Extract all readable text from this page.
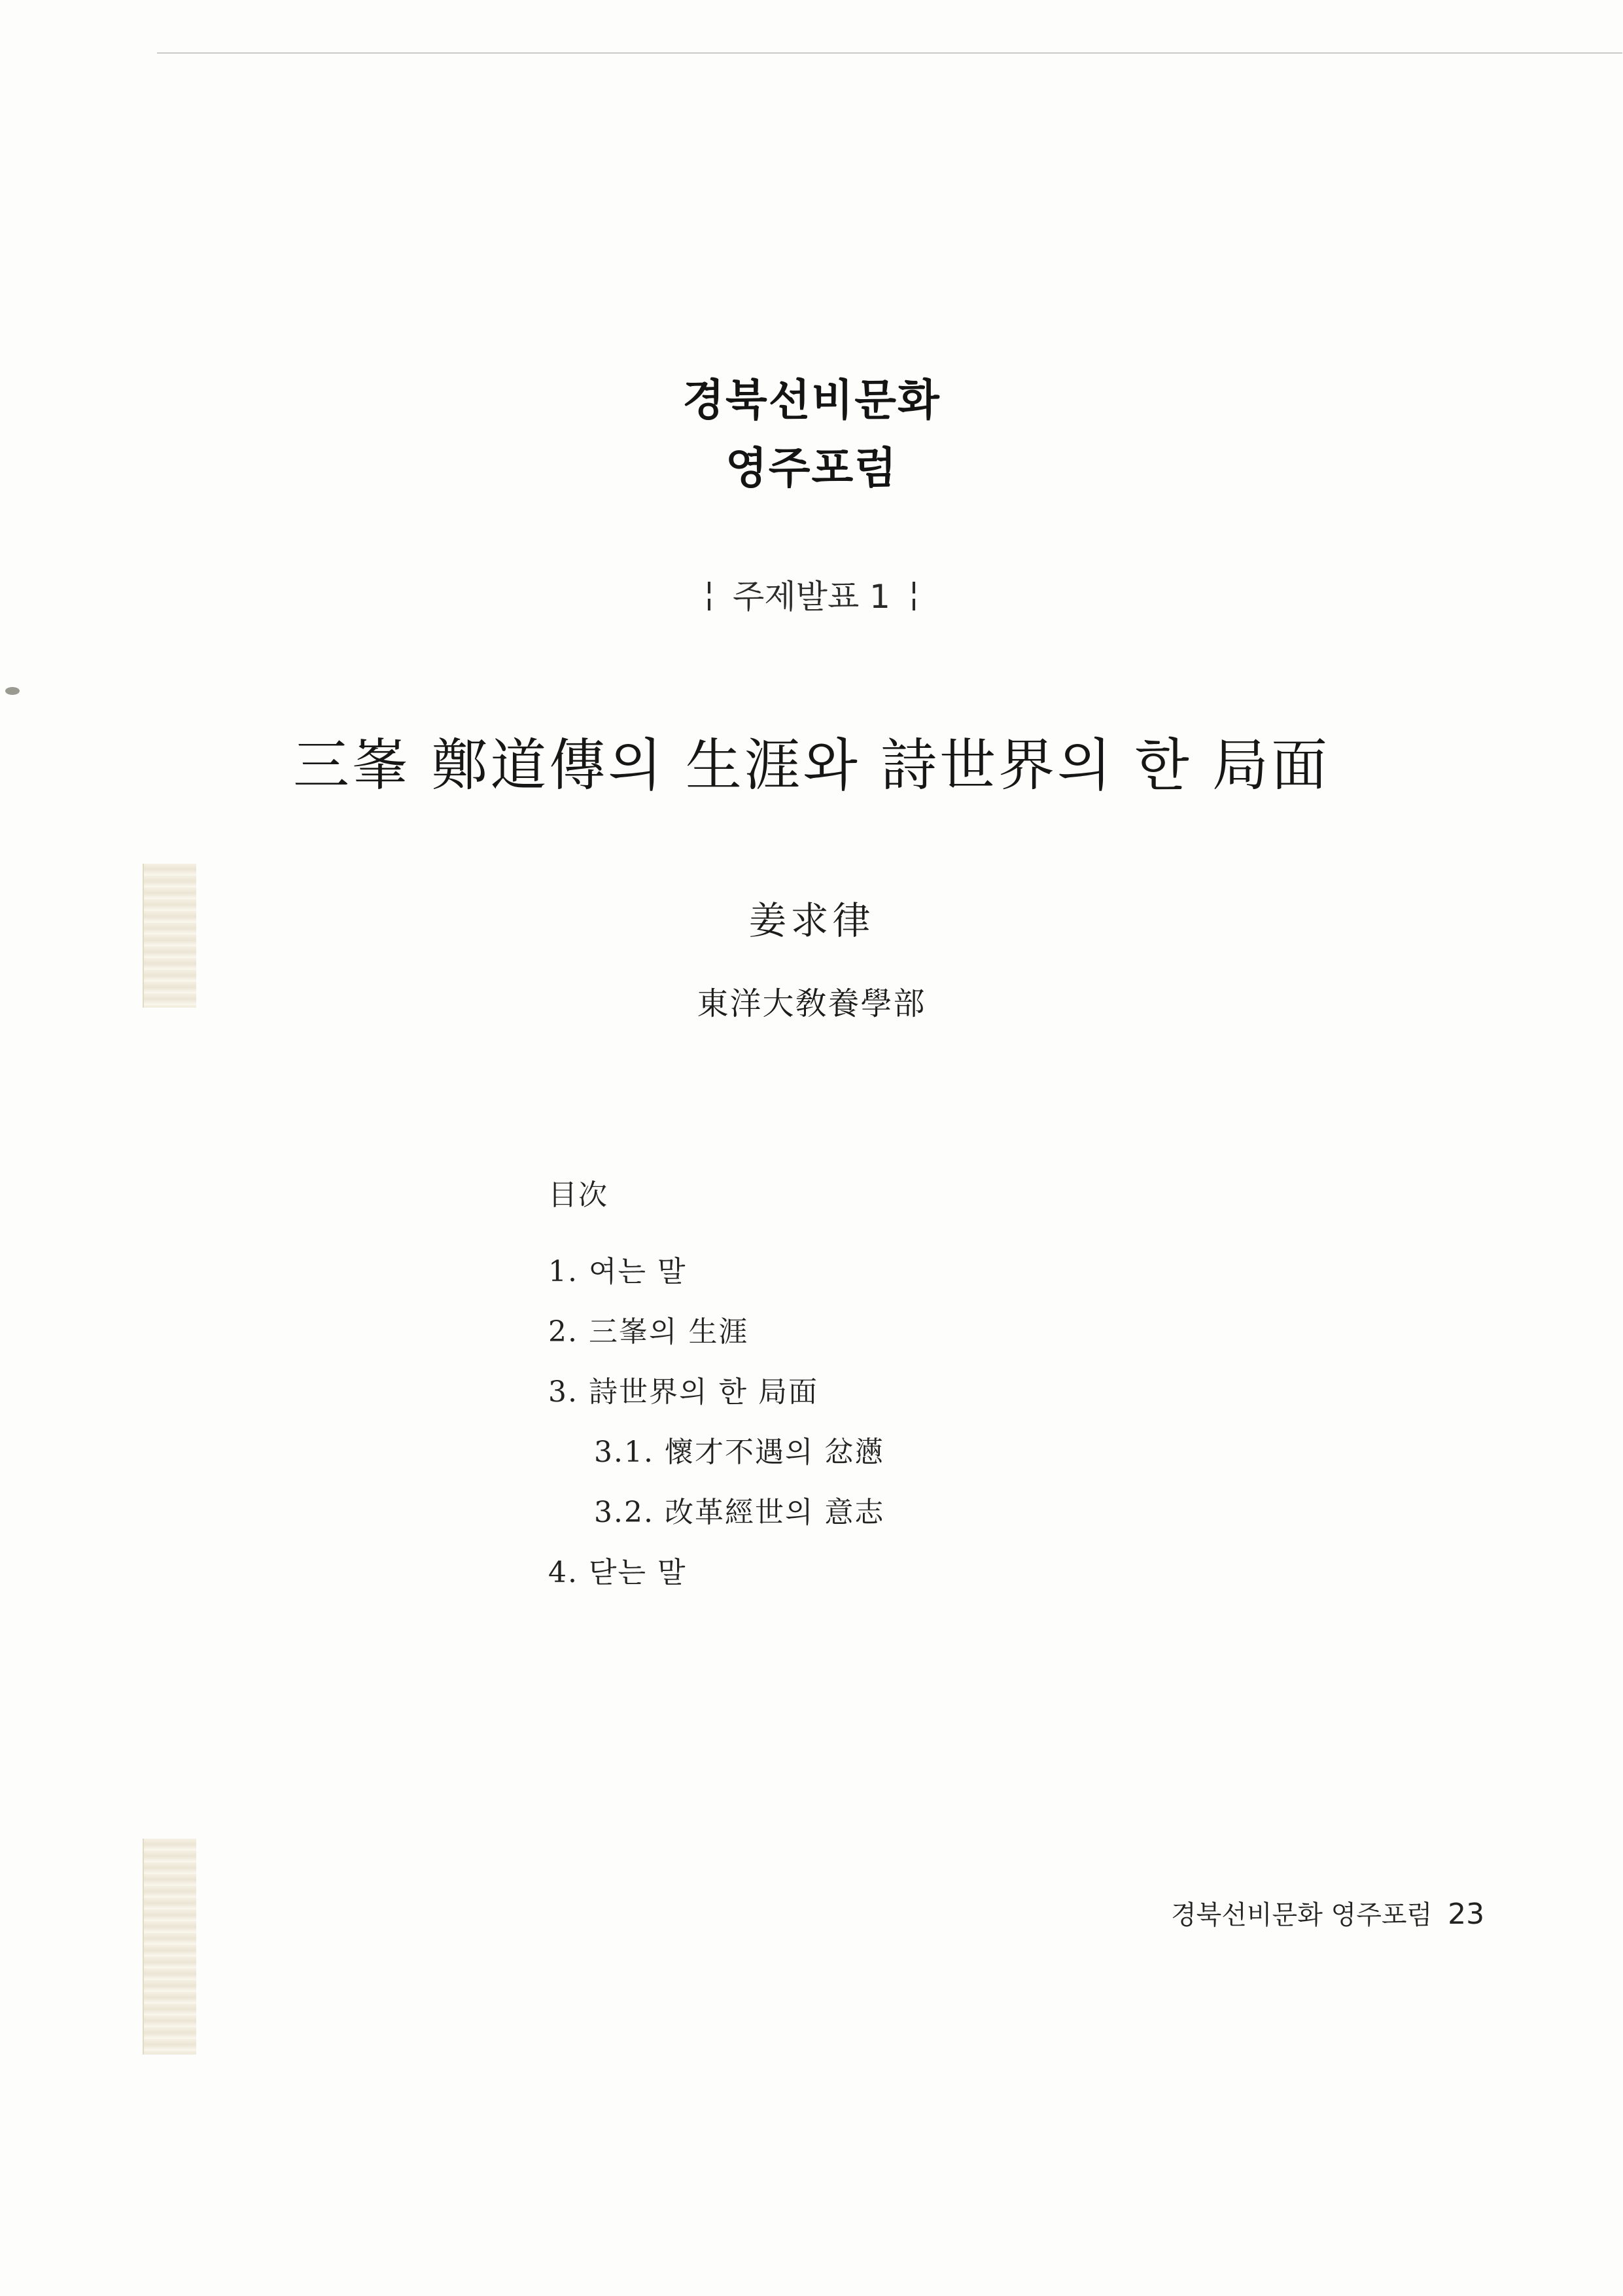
경북선비문화
영주포럼
주제발표 1
三峯 鄭道傳의 生涯와 詩世界의 한 局面
姜求律
東洋大敎養學部
目次
1. 여는 말
2. 三峯의 生涯
3. 詩世界의 한 局面
3.1. 懷才不遇의 忿懣
3.2. 改革經世의 意志
4. 닫는 말
경북선비문화 영주포럼 23
